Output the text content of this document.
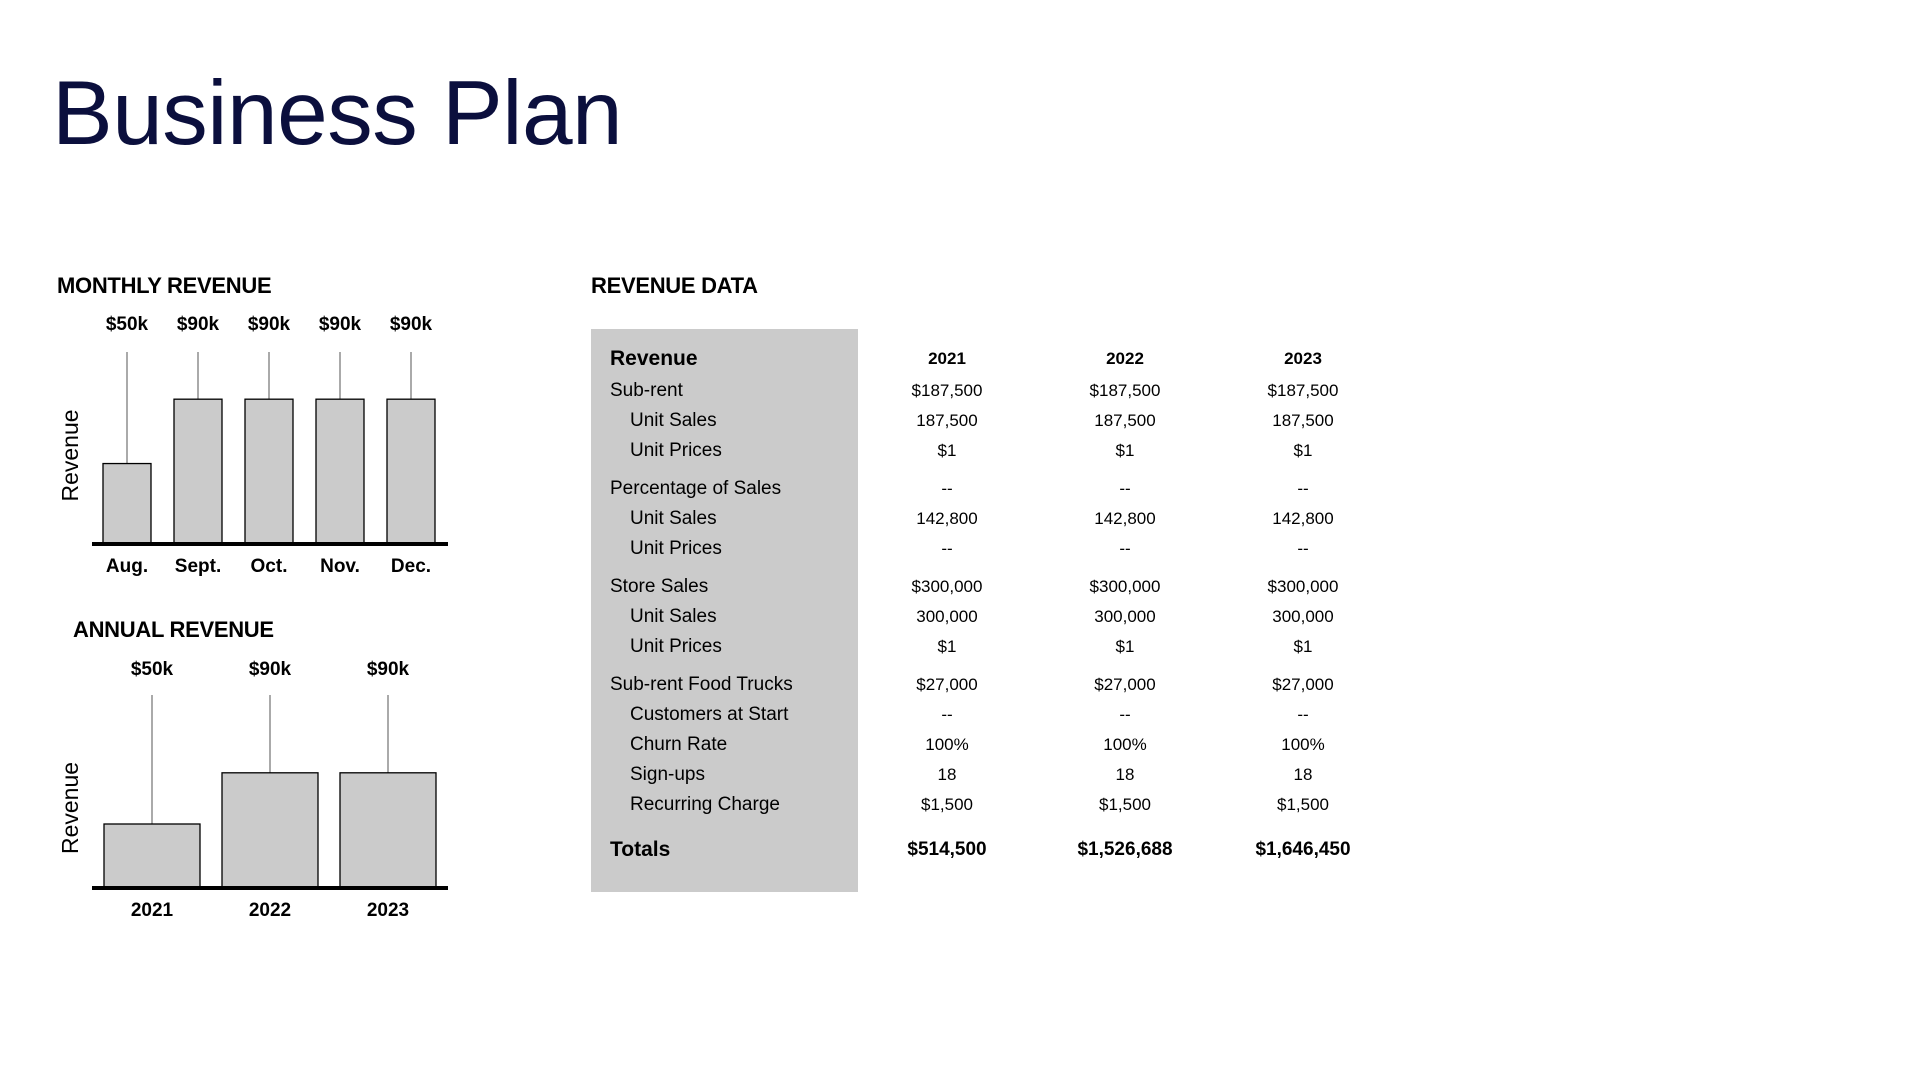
Business Plan
MONTHLY REVENUE
Revenue
$50k
Aug.
$90k
Sept.
$90k
Oct.
$90k
Nov.
$90k
Dec.
ANNUAL REVENUE
Revenue
$50k
2021
$90k
2022
$90k
2023
REVENUE DATA
Revenue	2021	2022	2023
Sub-rent	$187,500	$187,500	$187,500
Unit Sales	187,500	187,500	187,500
Unit Prices	$1	$1	$1
Percentage of Sales	--	--	--
Unit Sales	142,800	142,800	142,800
Unit Prices	--	--	--
Store Sales	$300,000	$300,000	$300,000
Unit Sales	300,000	300,000	300,000
Unit Prices	$1	$1	$1
Sub-rent Food Trucks	$27,000	$27,000	$27,000
Customers at Start	--	--	--
Churn Rate	100%	100%	100%
Sign-ups	18	18	18
Recurring Charge	$1,500	$1,500	$1,500
Totals	$514,500	$1,526,688	$1,646,450
